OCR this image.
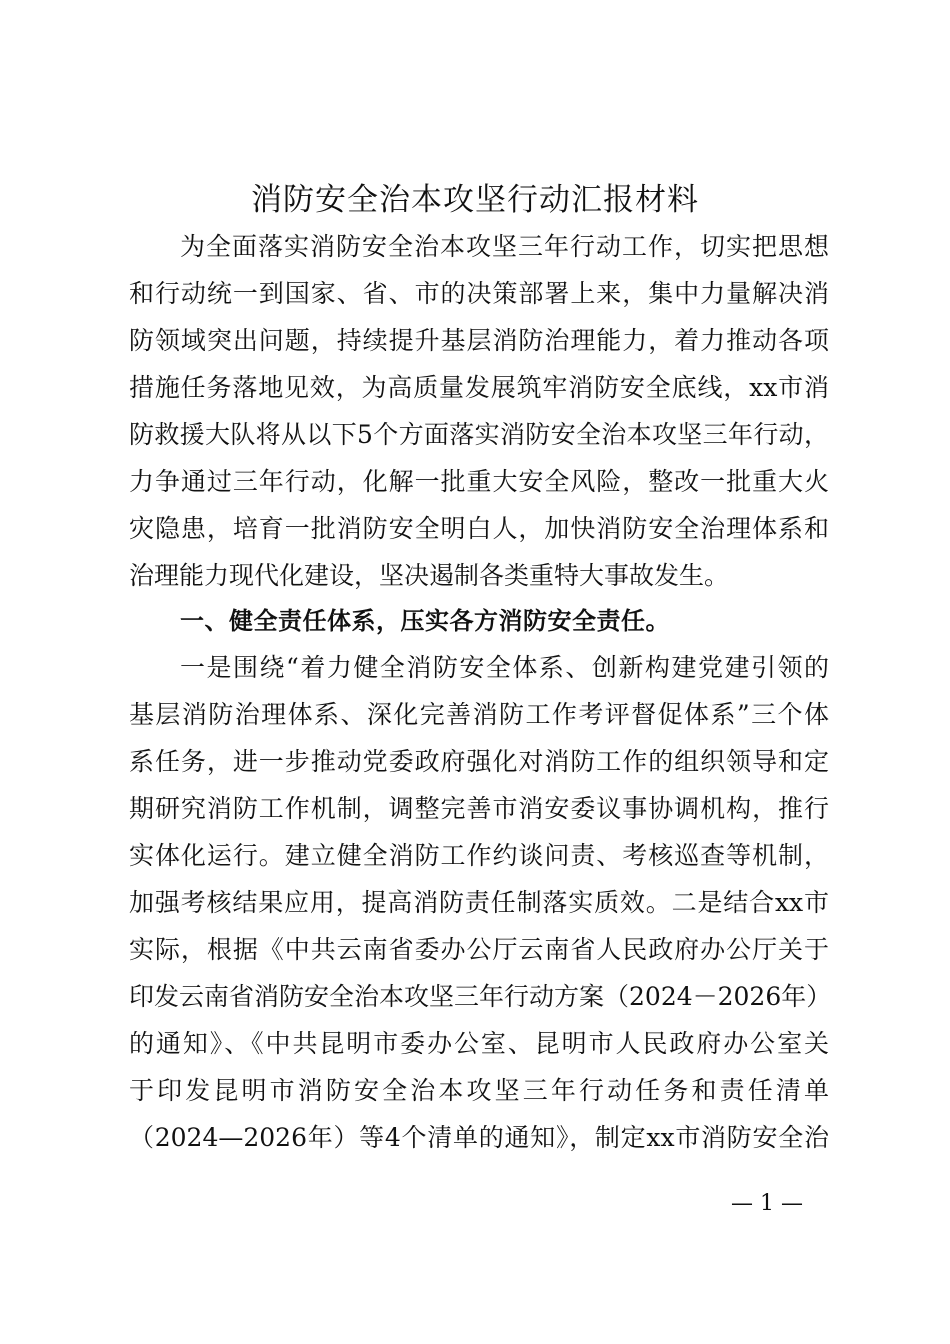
消防安全治本攻坚行动汇报材料
为全面落实消防安全治本攻坚三年行动工作，切实把思想
和行动统一到国家、省、市的决策部署上来，集中力量解决消
防领域突出问题，持续提升基层消防治理能力，着力推动各项
措施任务落地见效，为高质量发展筑牢消防安全底线，xx市消
防救援大队将从以下5个方面落实消防安全治本攻坚三年行动，
力争通过三年行动，化解一批重大安全风险，整改一批重大火
灾隐患，培育一批消防安全明白人，加快消防安全治理体系和
治理能力现代化建设，坚决遏制各类重特大事故发生。
一、健全责任体系，压实各方消防安全责任。
一是围绕“着力健全消防安全体系、创新构建党建引领的
基层消防治理体系、深化完善消防工作考评督促体系”三个体
系任务，进一步推动党委政府强化对消防工作的组织领导和定
期研究消防工作机制，调整完善市消安委议事协调机构，推行
实体化运行。建立健全消防工作约谈问责、考核巡查等机制，
加强考核结果应用，提高消防责任制落实质效。二是结合xx市
实际，根据《中共云南省委办公厅云南省人民政府办公厅关于
印发云南省消防安全治本攻坚三年行动方案（2024－2026年）
的通知》、《中共昆明市委办公室、昆明市人民政府办公室关
于印发昆明市消防安全治本攻坚三年行动任务和责任清单
（2024—2026年）等4个清单的通知》，制定xx市消防安全治
— 1 —
